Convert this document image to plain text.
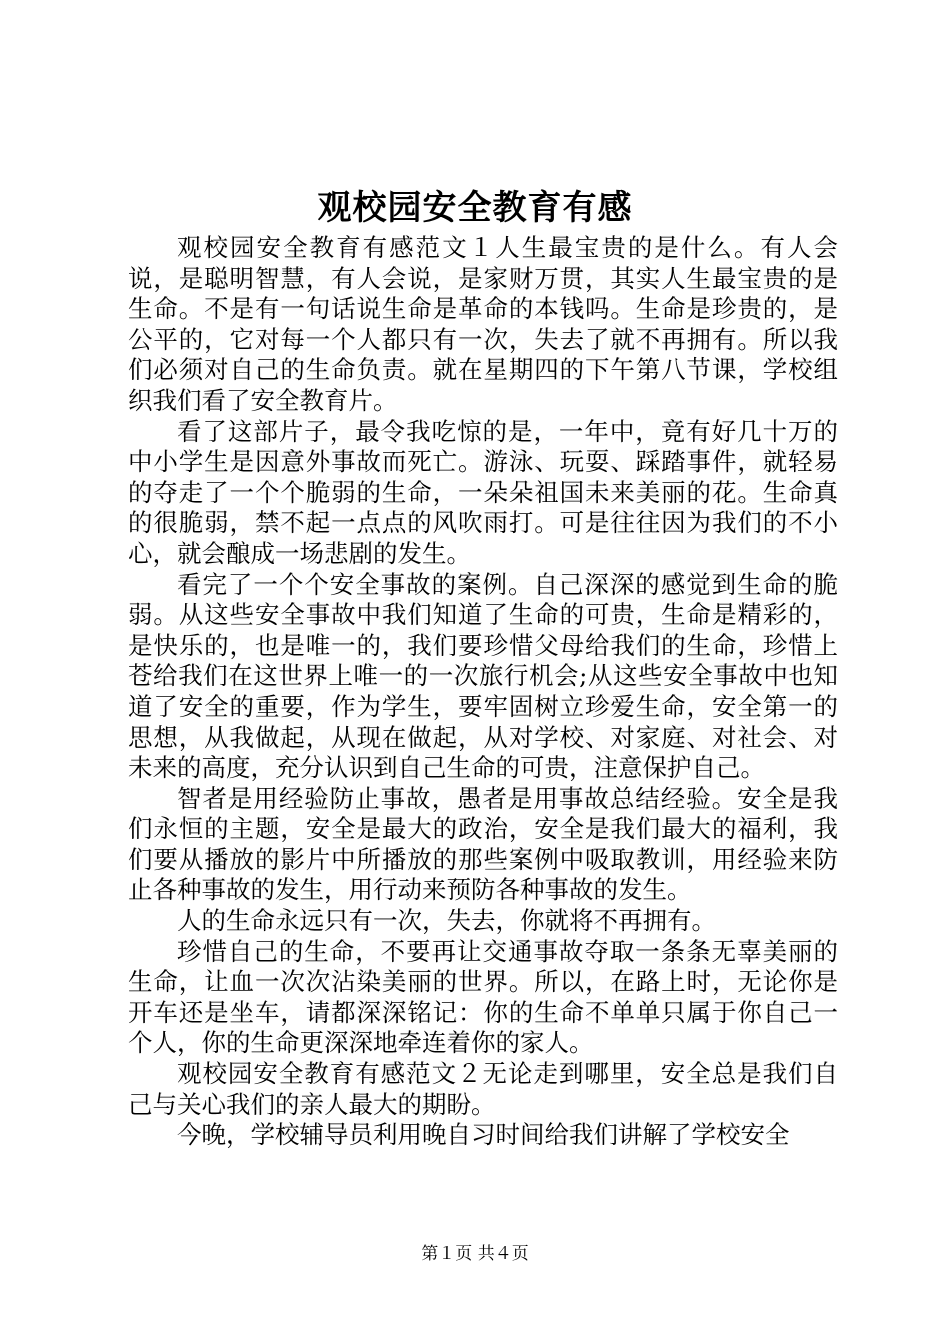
观校园安全教育有感

观校园安全教育有感范文１人生最宝贵的是什么。有人会说，是聪明智慧，有人会说，是家财万贯，其实人生最宝贵的是生命。不是有一句话说生命是革命的本钱吗。生命是珍贵的，是公平的，它对每一个人都只有一次，失去了就不再拥有。所以我们必须对自己的生命负责。就在星期四的下午第八节课，学校组织我们看了安全教育片。

看了这部片子，最令我吃惊的是，一年中，竟有好几十万的中小学生是因意外事故而死亡。游泳、玩耍、踩踏事件，就轻易的夺走了一个个脆弱的生命，一朵朵祖国未来美丽的花。生命真的很脆弱，禁不起一点点的风吹雨打。可是往往因为我们的不小心，就会酿成一场悲剧的发生。

看完了一个个安全事故的案例。自己深深的感觉到生命的脆弱。从这些安全事故中我们知道了生命的可贵，生命是精彩的，是快乐的，也是唯一的，我们要珍惜父母给我们的生命，珍惜上苍给我们在这世界上唯一的一次旅行机会;从这些安全事故中也知道了安全的重要，作为学生，要牢固树立珍爱生命，安全第一的思想，从我做起，从现在做起，从对学校、对家庭、对社会、对未来的高度，充分认识到自己生命的可贵，注意保护自己。

智者是用经验防止事故，愚者是用事故总结经验。安全是我们永恒的主题，安全是最大的政治，安全是我们最大的福利，我们要从播放的影片中所播放的那些案例中吸取教训，用经验来防止各种事故的发生，用行动来预防各种事故的发生。

人的生命永远只有一次，失去，你就将不再拥有。

珍惜自己的生命，不要再让交通事故夺取一条条无辜美丽的生命，让血一次次沾染美丽的世界。所以，在路上时，无论你是开车还是坐车，请都深深铭记：你的生命不单单只属于你自己一个人，你的生命更深深地牵连着你的家人。

观校园安全教育有感范文２无论走到哪里，安全总是我们自己与关心我们的亲人最大的期盼。

今晚，学校辅导员利用晚自习时间给我们讲解了学校安全

第１页 共４页
